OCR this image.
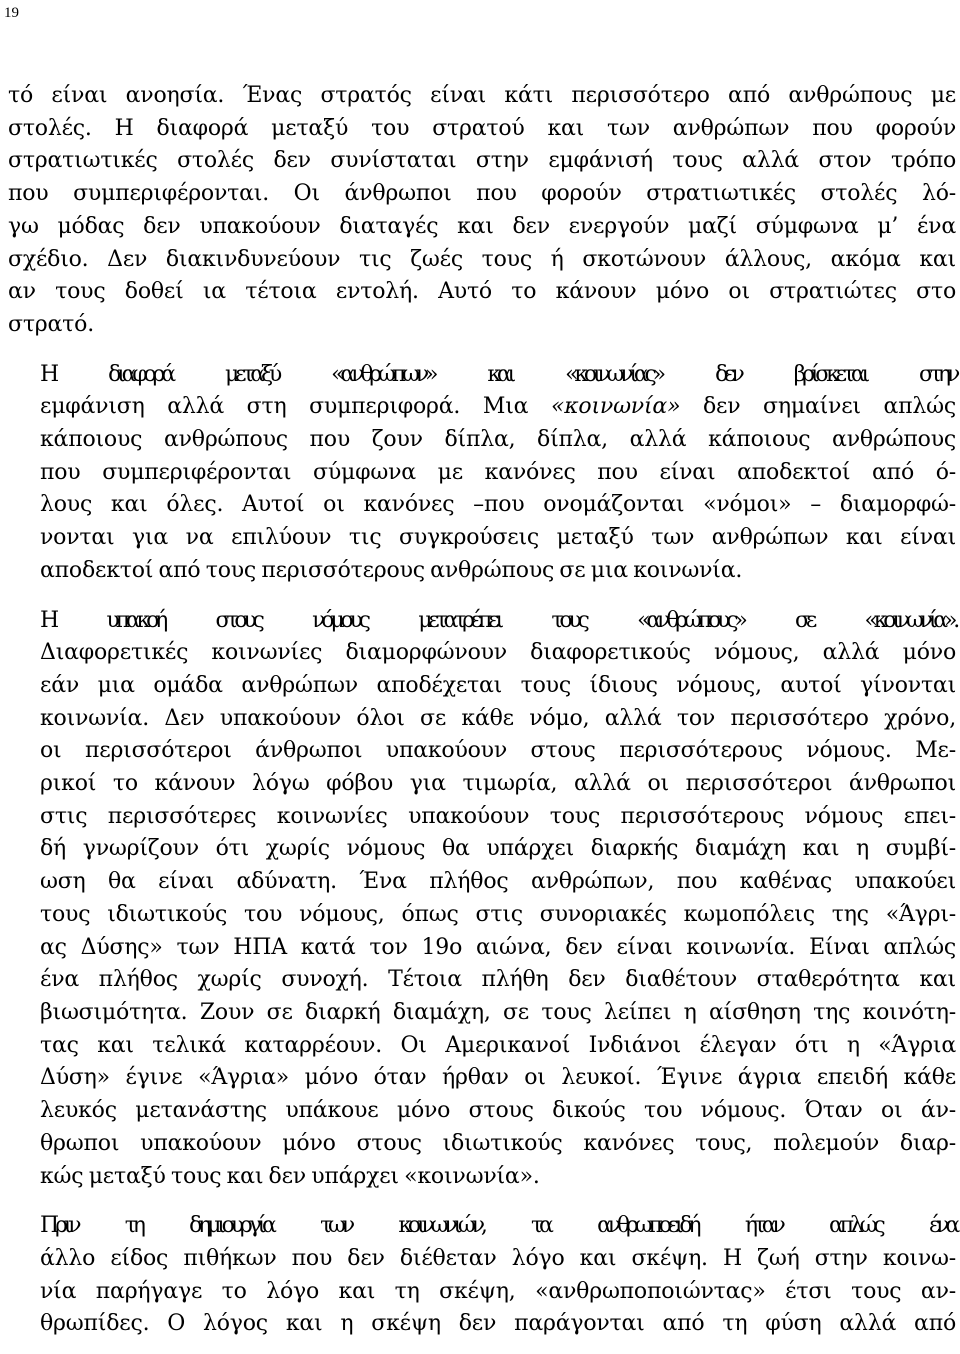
19

τό είναι ανοησία. Ένας στρατός είναι κάτι περισσότερο από ανθρώπους με
στολές. Η διαφορά μεταξύ του στρατού και των ανθρώπων που φορούν
στρατιωτικές στολές δεν συνίσταται στην εμφάνισή τους αλλά στον τρόπο
που συμπεριφέρονται. Οι άνθρωποι που φορούν στρατιωτικές στολές λό-
γω μόδας δεν υπακούουν διαταγές και δεν ενεργούν μαζί σύμφωνα μ’ ένα
σχέδιο. Δεν διακινδυνεύουν τις ζωές τους ή σκοτώνουν άλλους, ακόμα και
αν τους δοθεί ια τέτοια εντολή. Αυτό το κάνουν μόνο οι στρατιώτες στο
στρατό.

Η διαφορά μεταξύ «ανθρώπων» και «κοινωνίας» δεν βρίσκεται στην
εμφάνιση αλλά στη συμπεριφορά. Μια «κοινωνία» δεν σημαίνει απλώς
κάποιους ανθρώπους που ζουν δίπλα, δίπλα, αλλά κάποιους ανθρώπους
που συμπεριφέρονται σύμφωνα με κανόνες που είναι αποδεκτοί από ό-
λους και όλες. Αυτοί οι κανόνες –που ονομάζονται «νόμοι» – διαμορφώ-
νονται για να επιλύουν τις συγκρούσεις μεταξύ των ανθρώπων και είναι
αποδεκτοί από τους περισσότερους ανθρώπους σε μια κοινωνία.

Η υπακοή στους νόμους μετατρέπει τους «ανθρώπους» σε «κοινωνία».
Διαφορετικές κοινωνίες διαμορφώνουν διαφορετικούς νόμους, αλλά μόνο
εάν μια ομάδα ανθρώπων αποδέχεται τους ίδιους νόμους, αυτοί γίνονται
κοινωνία. Δεν υπακούουν όλοι σε κάθε νόμο, αλλά τον περισσότερο χρόνο,
οι περισσότεροι άνθρωποι υπακούουν στους περισσότερους νόμους. Με-
ρικοί το κάνουν λόγω φόβου για τιμωρία, αλλά οι περισσότεροι άνθρωποι
στις περισσότερες κοινωνίες υπακούουν τους περισσότερους νόμους επει-
δή γνωρίζουν ότι χωρίς νόμους θα υπάρχει διαρκής διαμάχη και η συμβί-
ωση θα είναι αδύνατη. Ένα πλήθος ανθρώπων, που καθένας υπακούει
τους ιδιωτικούς του νόμους, όπως στις συνοριακές κωμοπόλεις της «Άγρι-
ας Δύσης» των ΗΠΑ κατά τον 19ο αιώνα, δεν είναι κοινωνία. Είναι απλώς
ένα πλήθος χωρίς συνοχή. Τέτοια πλήθη δεν διαθέτουν σταθερότητα και
βιωσιμότητα. Ζουν σε διαρκή διαμάχη, σε τους λείπει η αίσθηση της κοινότη-
τας και τελικά καταρρέουν. Οι Αμερικανοί Ινδιάνοι έλεγαν ότι η «Άγρια
Δύση» έγινε «Άγρια» μόνο όταν ήρθαν οι λευκοί. Έγινε άγρια επειδή κάθε
λευκός μετανάστης υπάκουε μόνο στους δικούς του νόμους. Όταν οι άν-
θρωποι υπακούουν μόνο στους ιδιωτικούς κανόνες τους, πολεμούν διαρ-
κώς μεταξύ τους και δεν υπάρχει «κοινωνία».

Πριν τη δημιουργία των κοινωνιών, τα ανθρωποειδή ήταν απλώς ένα
άλλο είδος πιθήκων που δεν διέθεταν λόγο και σκέψη. Η ζωή στην κοινω-
νία παρήγαγε το λόγο και τη σκέψη, «ανθρωποποιώντας» έτσι τους αν-
θρωπίδες. Ο λόγος και η σκέψη δεν παράγονται από τη φύση αλλά από
